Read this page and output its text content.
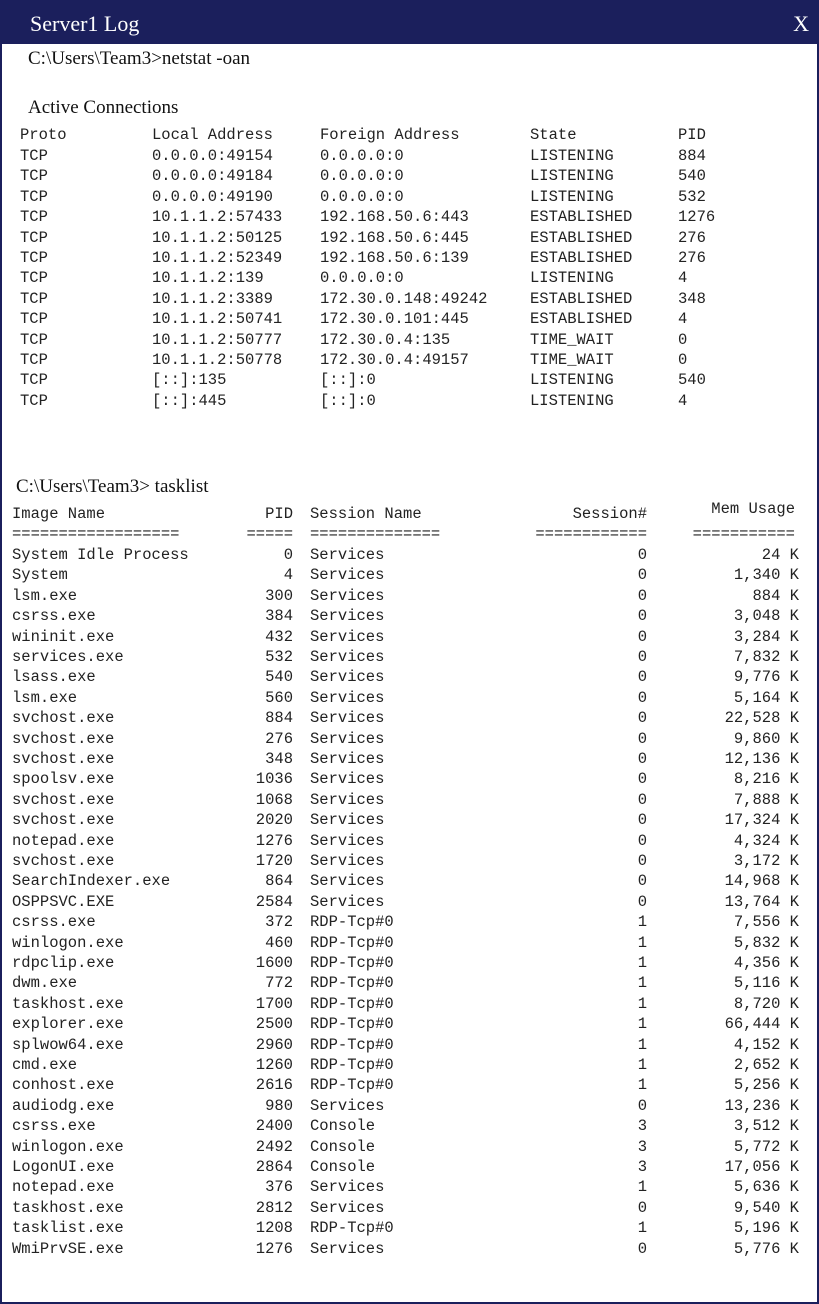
Server1 Log	X
C:\Users\Team3>netstat -oan
Active Connections
Proto	Local Address	Foreign Address	State	PID
TCP	0.0.0.0:49154	0.0.0.0:0	LISTENING	884
TCP	0.0.0.0:49184	0.0.0.0:0	LISTENING	540
TCP	0.0.0.0:49190	0.0.0.0:0	LISTENING	532
TCP	10.1.1.2:57433 192.168.50.6:443	ESTABLISHED	1276
TCP	10.1.1.2:50125 192.168.50.6:445	ESTABLISHED	276
TCP	10.1.1.2:52349 192.168.50.6:139	ESTABLISHED	276
TCP	10.1.1.2:139	0.0.0.0:0	LISTENING	4
TCP	10.1.1.2:3389	172.30.0.148:49242	ESTABLISHED	348
TCP	10.1.1.2:50741 172.30.0.101:445	ESTABLISHED	4
TCP	10.1.1.2:50777 172.30.0.4:135	TIME_WAIT	0
TCP	10.1.1.2:50778 172.30.0.4:49157	TIME_WAIT	0
TCP	[::]:135	[::]:0	LISTENING	540
TCP	[::]:445	[::]:0	LISTENING	4
C:\Users\Team3> tasklist
Image Name	PID Session Name	Session#	Mem Usage
==================	===== ==============	============	===========
System Idle Process	0 Services	0	24 K
System	4 Services	0	1,340 K
lsm.exe	300 Services	0	884 K
csrss.exe	384 Services	0	3,048 K
wininit.exe	432 Services	0	3,284 K
services.exe	532 Services	0	7,832 K
lsass.exe	540 Services	0	9,776 K
lsm.exe	560 Services	0	5,164 K
svchost.exe	884 Services	0	22,528 K
svchost.exe	276 Services	0	9,860 K
svchost.exe	348 Services	0	12,136 K
spoolsv.exe	1036 Services	0	8,216 K
svchost.exe	1068 Services	0	7,888 K
svchost.exe	2020 Services	0	17,324 K
notepad.exe	1276 Services	0	4,324 K
svchost.exe	1720 Services	0	3,172 K
SearchIndexer.exe	864 Services	0	14,968 K
OSPPSVC.EXE	2584 Services	0	13,764 K
csrss.exe	372 RDP-Tcp#0	1	7,556 K
winlogon.exe	460 RDP-Tcp#0	1	5,832 K
rdpclip.exe	1600 RDP-Tcp#0	1	4,356 K
dwm.exe	772 RDP-Tcp#0	1	5,116 K
taskhost.exe	1700 RDP-Tcp#0	1	8,720 K
explorer.exe	2500 RDP-Tcp#0	1	66,444 K
splwow64.exe	2960 RDP-Tcp#0	1	4,152 K
cmd.exe	1260 RDP-Tcp#0	1	2,652 K
conhost.exe	2616 RDP-Tcp#0	1	5,256 K
audiodg.exe	980 Services	0	13,236 K
csrss.exe	2400 Console	3	3,512 K
winlogon.exe	2492 Console	3	5,772 K
LogonUI.exe	2864 Console	3	17,056 K
notepad.exe	376 Services	1	5,636 K
taskhost.exe	2812 Services	0	9,540 K
tasklist.exe	1208 RDP-Tcp#0	1	5,196 K
WmiPrvSE.exe	1276 Services	0	5,776 K
